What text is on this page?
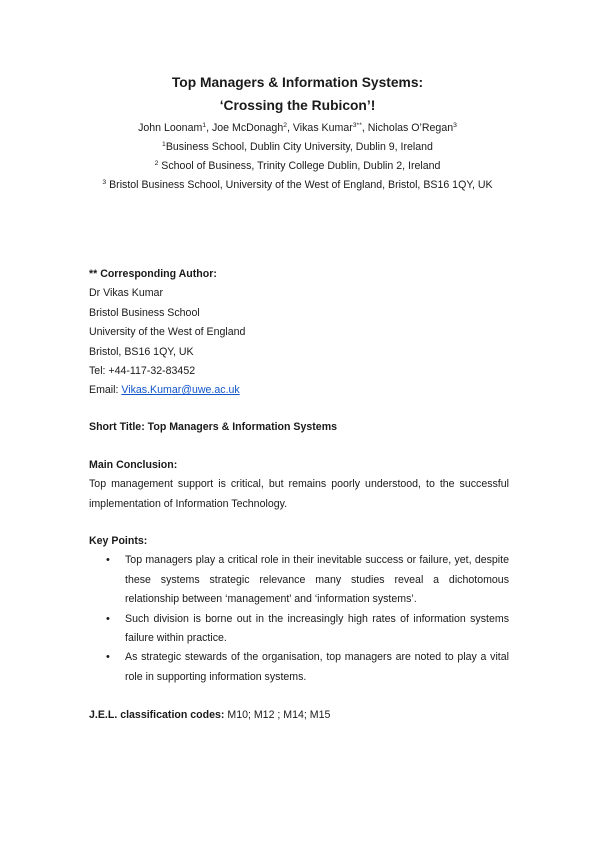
Top Managers & Information Systems:
‘Crossing the Rubicon’!
John Loonam$^1$, Joe McDonagh$^2$, Vikas Kumar$^{3**}$, Nicholas O’Regan$^3$
$^1$Business School, Dublin City University, Dublin 9, Ireland
$^2$ School of Business, Trinity College Dublin, Dublin 2, Ireland
$^3$ Bristol Business School, University of the West of England, Bristol, BS16 1QY, UK
** Corresponding Author:
Dr Vikas Kumar
Bristol Business School
University of the West of England
Bristol, BS16 1QY, UK
Tel: +44-117-32-83452
Email: Vikas.Kumar@uwe.ac.uk
Short Title: Top Managers & Information Systems
Main Conclusion:
Top management support is critical, but remains poorly understood, to the successful implementation of Information Technology.
Key Points:
• Top managers play a critical role in their inevitable success or failure, yet, despite these systems strategic relevance many studies reveal a dichotomous relationship between ‘management’ and ‘information systems’.
• Such division is borne out in the increasingly high rates of information systems failure within practice.
• As strategic stewards of the organisation, top managers are noted to play a vital role in supporting information systems.
J.E.L. classification codes: M10; M12 ; M14; M15
